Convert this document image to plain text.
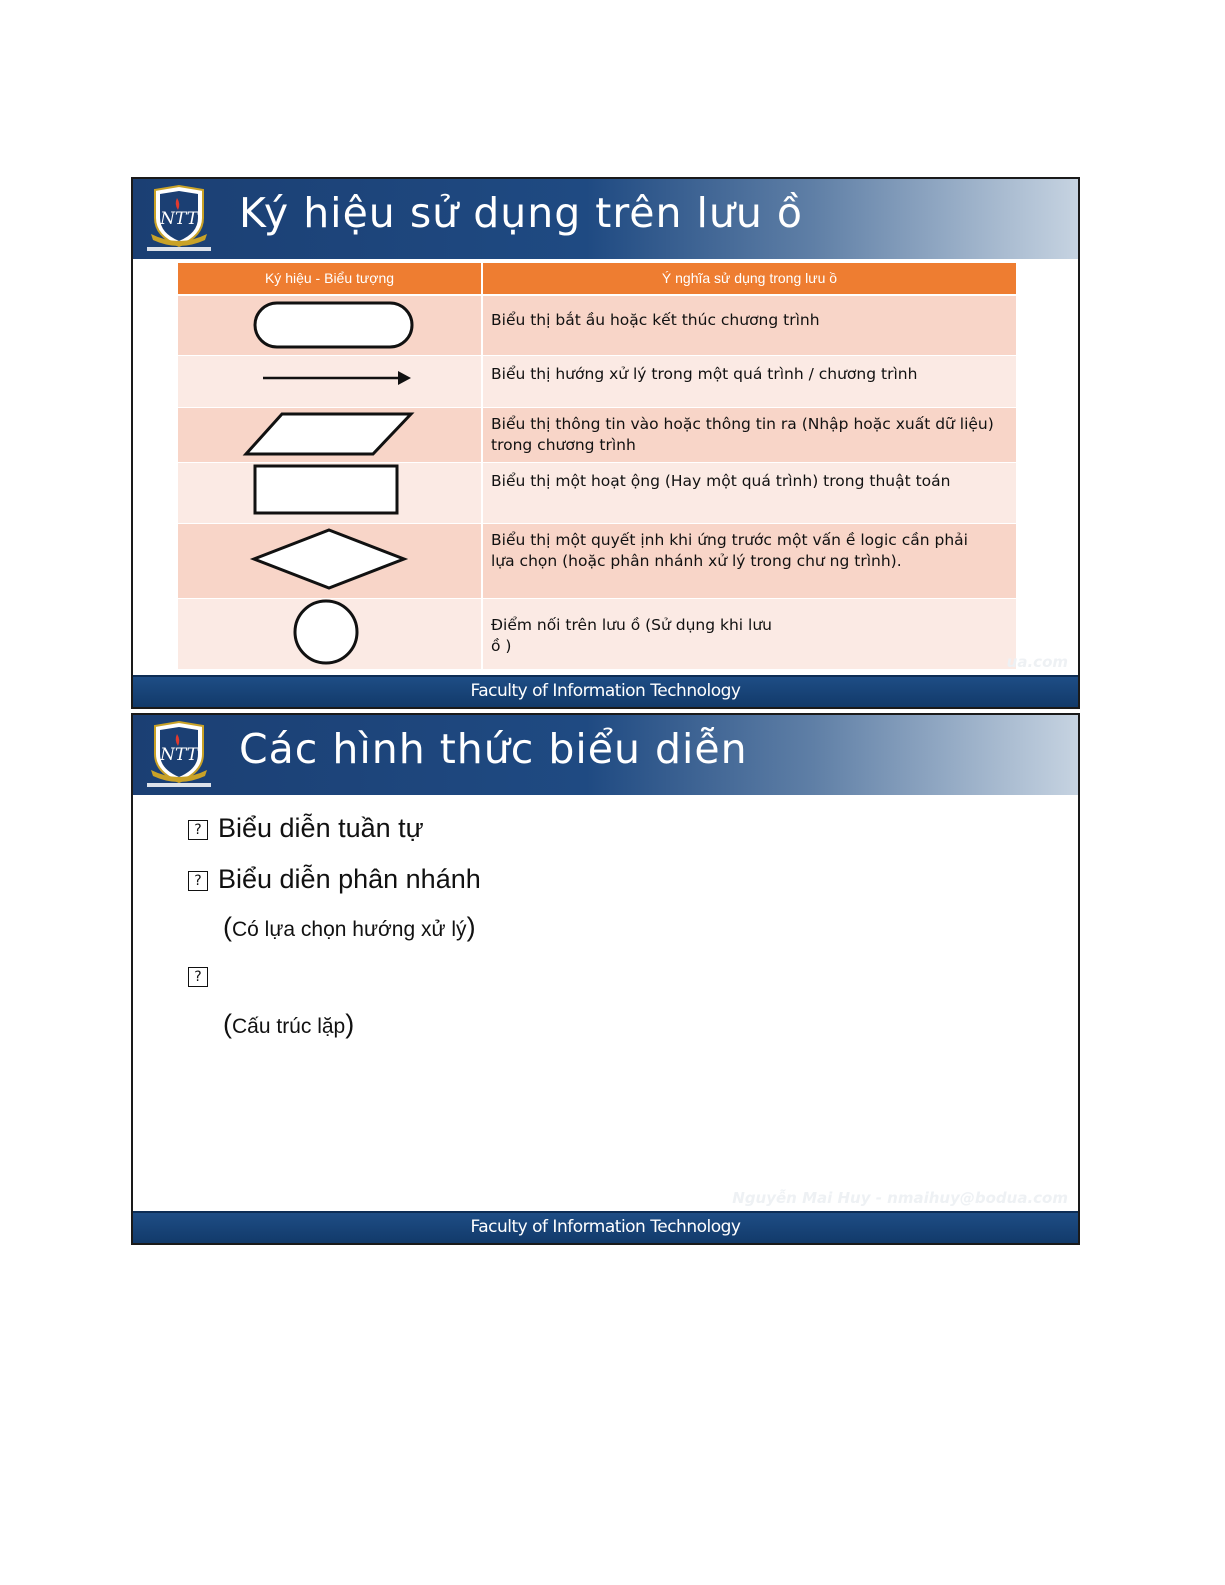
NTT Ký hiệu sử dụng trên lưu ồ
Ký hiệu - Biểu tượng	Ý nghĩa sử dụng trong lưu ồ
Biểu thị bắt ầu hoặc kết thúc chương trình
Biểu thị hướng xử lý trong một quá trình / chương trình
Biểu thị thông tin vào hoặc thông tin ra (Nhập hoặc xuất dữ liệu)
trong chương trình
Biểu thị một hoạt ộng (Hay một quá trình) trong thuật toán
Biểu thị một quyết ịnh khi ứng trước một vấn ề logic cần phải
lựa chọn (hoặc phân nhánh xử lý trong chư ng trình).
Điểm nối trên lưu ồ (Sử dụng khi lưu
ồ )
ua.com
Faculty of Information Technology
NTT Các hình thức biểu diễn
? Biểu diễn tuần tự
? Biểu diễn phân nhánh
(Có lựa chọn hướng xử lý)
?
(Cấu trúc lặp)
Nguyễn Mai Huy - nmaihuy@bodua.com
Faculty of Information Technology
